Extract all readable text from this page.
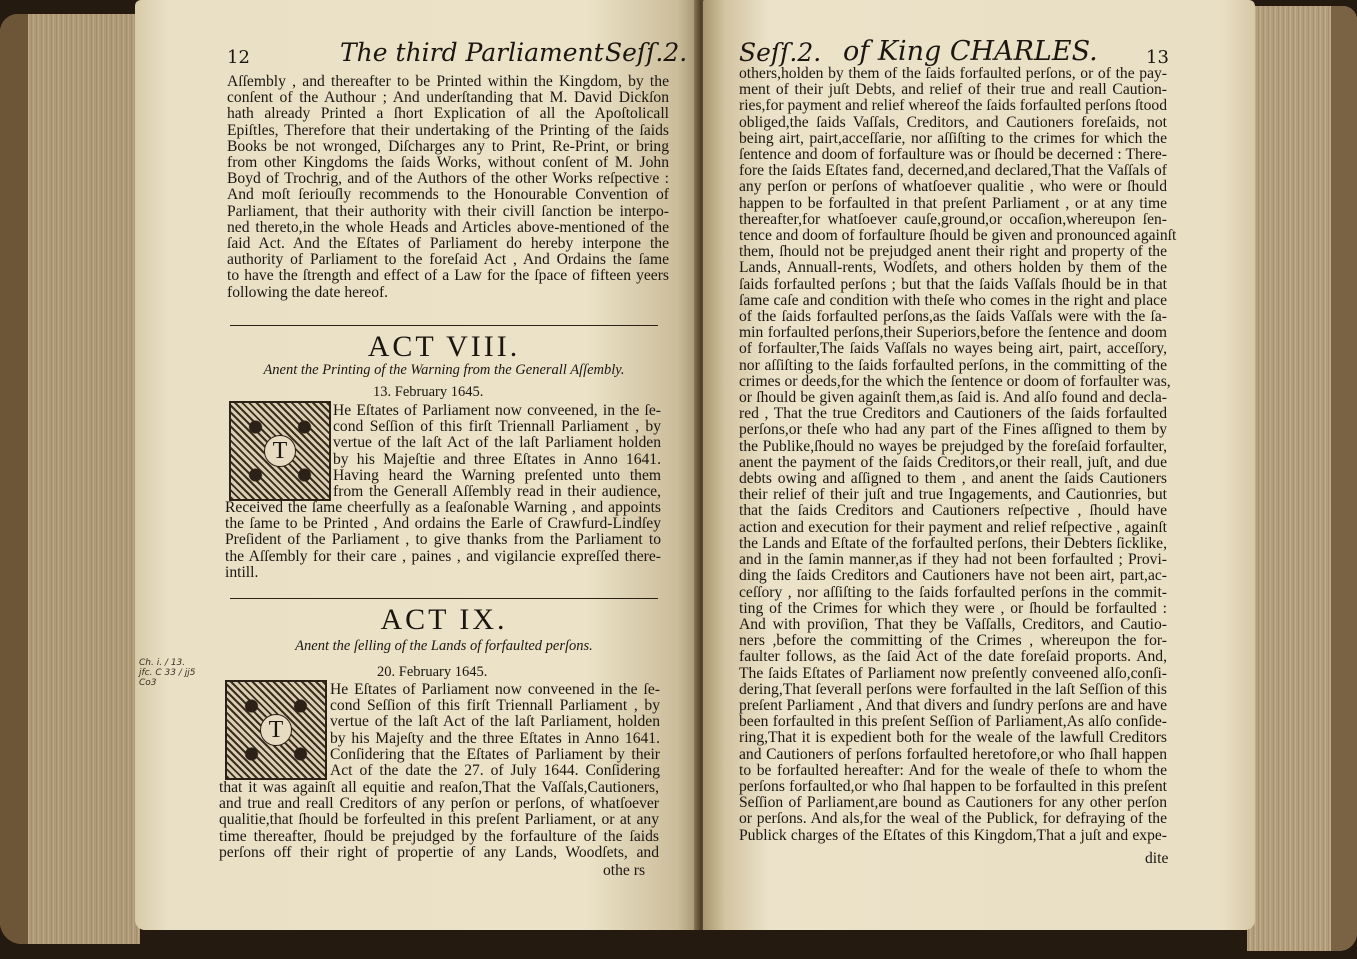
12	The third Parliament Seſſ.2.
Aſſembly , and thereafter to be Printed within the Kingdom, by the
conſent of the Authour ; And underſtanding that M. David Dickſon
hath already Printed a ſhort Explication of all the Apoſtolicall
Epiſtles, Therefore that their undertaking of the Printing of the ſaids
Books be not wronged, Diſcharges any to Print, Re-Print, or bring
from other Kingdoms the ſaids Works, without conſent of M. John
Boyd of Trochrig, and of the Authors of the other Works reſpective :
And moſt ſeriouſly recommends to the Honourable Convention of
Parliament, that their authority with their civill ſanction be interpo-
ned thereto,in the whole Heads and Articles above-mentioned of the
ſaid Act. And the Eſtates of Parliament do hereby interpone the
authority of Parliament to the foreſaid Act , And Ordains the ſame
to have the ſtrength and effect of a Law for the ſpace of fifteen yeers
following the date hereof.
ACT VIII.
Anent the Printing of the Warning from the Generall Aſſembly.
13. February 1645.
T
He Eſtates of Parliament now conveened, in the ſe-
cond Seſſion of this firſt Triennall Parliament , by
vertue of the laſt Act of the laſt Parliament holden
by his Majeſtie and three Eſtates in Anno 1641.
Having heard the Warning preſented unto them
from the Generall Aſſembly read in their audience,
Received the ſame cheerfully as a ſeaſonable Warning , and appoints
the ſame to be Printed , And ordains the Earle of Crawfurd-Lindſey
Preſident of the Parliament , to give thanks from the Parliament to
the Aſſembly for their care , paines , and vigilancie expreſſed there-
intill.
ACT IX.
Anent the ſelling of the Lands of forfaulted perſons.
20. February 1645.
Ch. i. / 13. jfc. C 33 / jj5 Co3
T
He Eſtates of Parliament now conveened in the ſe-
cond Seſſion of this firſt Triennall Parliament , by
vertue of the laſt Act of the laſt Parliament, holden
by his Majeſty and the three Eſtates in Anno 1641.
Conſidering that the Eſtates of Parliament by their
Act of the date the 27. of July 1644. Conſidering
that it was againſt all equitie and reaſon,That the Vaſſals,Cautioners,
and true and reall Creditors of any perſon or perſons, of whatſoever
qualitie,that ſhould be forfeulted in this preſent Parliament, or at any
time thereafter, ſhould be prejudged by the forfaulture of the ſaids
perſons off their right of propertie of any Lands, Woodſets, and
othe rs
Seſſ.2. of King CHARLES.	13
others,holden by them of the ſaids forfaulted perſons, or of the pay-
ment of their juſt Debts, and relief of their true and reall Caution-
ries,for payment and relief whereof the ſaids forfaulted perſons ſtood
obliged,the ſaids Vaſſals, Creditors, and Cautioners foreſaids, not
being airt, pairt,acceſſarie, nor aſſiſting to the crimes for which the
ſentence and doom of forfaulture was or ſhould be decerned : There-
fore the ſaids Eſtates fand, decerned,and declared,That the Vaſſals of
any perſon or perſons of whatſoever qualitie , who were or ſhould
happen to be forfaulted in that preſent Parliament , or at any time
thereafter,for whatſoever cauſe,ground,or occaſion,whereupon ſen-
tence and doom of forfaulture ſhould be given and pronounced againſt
them, ſhould not be prejudged anent their right and property of the
Lands, Annuall-rents, Wodſets, and others holden by them of the
ſaids forfaulted perſons ; but that the ſaids Vaſſals ſhould be in that
ſame caſe and condition with theſe who comes in the right and place
of the ſaids forfaulted perſons,as the ſaids Vaſſals were with the ſa-
min forfaulted perſons,their Superiors,before the ſentence and doom
of forfaulter,The ſaids Vaſſals no wayes being airt, pairt, acceſſory,
nor aſſiſting to the ſaids forfaulted perſons, in the committing of the
crimes or deeds,for the which the ſentence or doom of forfaulter was,
or ſhould be given againſt them,as ſaid is. And alſo found and decla-
red , That the true Creditors and Cautioners of the ſaids forfaulted
perſons,or theſe who had any part of the Fines aſſigned to them by
the Publike,ſhould no wayes be prejudged by the foreſaid forfaulter,
anent the payment of the ſaids Creditors,or their reall, juſt, and due
debts owing and aſſigned to them , and anent the ſaids Cautioners
their relief of their juſt and true Ingagements, and Cautionries, but
that the ſaids Creditors and Cautioners reſpective , ſhould have
action and execution for their payment and relief reſpective , againſt
the Lands and Eſtate of the forfaulted perſons, their Debters ſicklike,
and in the ſamin manner,as if they had not been forfaulted ; Provi-
ding the ſaids Creditors and Cautioners have not been airt, part,ac-
ceſſory , nor aſſiſting to the ſaids forfaulted perſons in the commit-
ting of the Crimes for which they were , or ſhould be forfaulted :
And with proviſion, That they be Vaſſalls, Creditors, and Cautio-
ners ,before the committing of the Crimes , whereupon the for-
faulter follows, as the ſaid Act of the date foreſaid proports. And,
The ſaids Eſtates of Parliament now preſently conveened alſo,conſi-
dering,That ſeverall perſons were forfaulted in the laſt Seſſion of this
preſent Parliament , And that divers and ſundry perſons are and have
been forfaulted in this preſent Seſſion of Parliament,As alſo conſide-
ring,That it is expedient both for the weale of the lawfull Creditors
and Cautioners of perſons forfaulted heretofore,or who ſhall happen
to be forfaulted hereafter: And for the weale of theſe to whom the
perſons forfaulted,or who ſhal happen to be forfaulted in this preſent
Seſſion of Parliament,are bound as Cautioners for any other perſon
or perſons. And als,for the weal of the Publick, for defraying of the
Publick charges of the Eſtates of this Kingdom,That a juſt and expe-
dite
